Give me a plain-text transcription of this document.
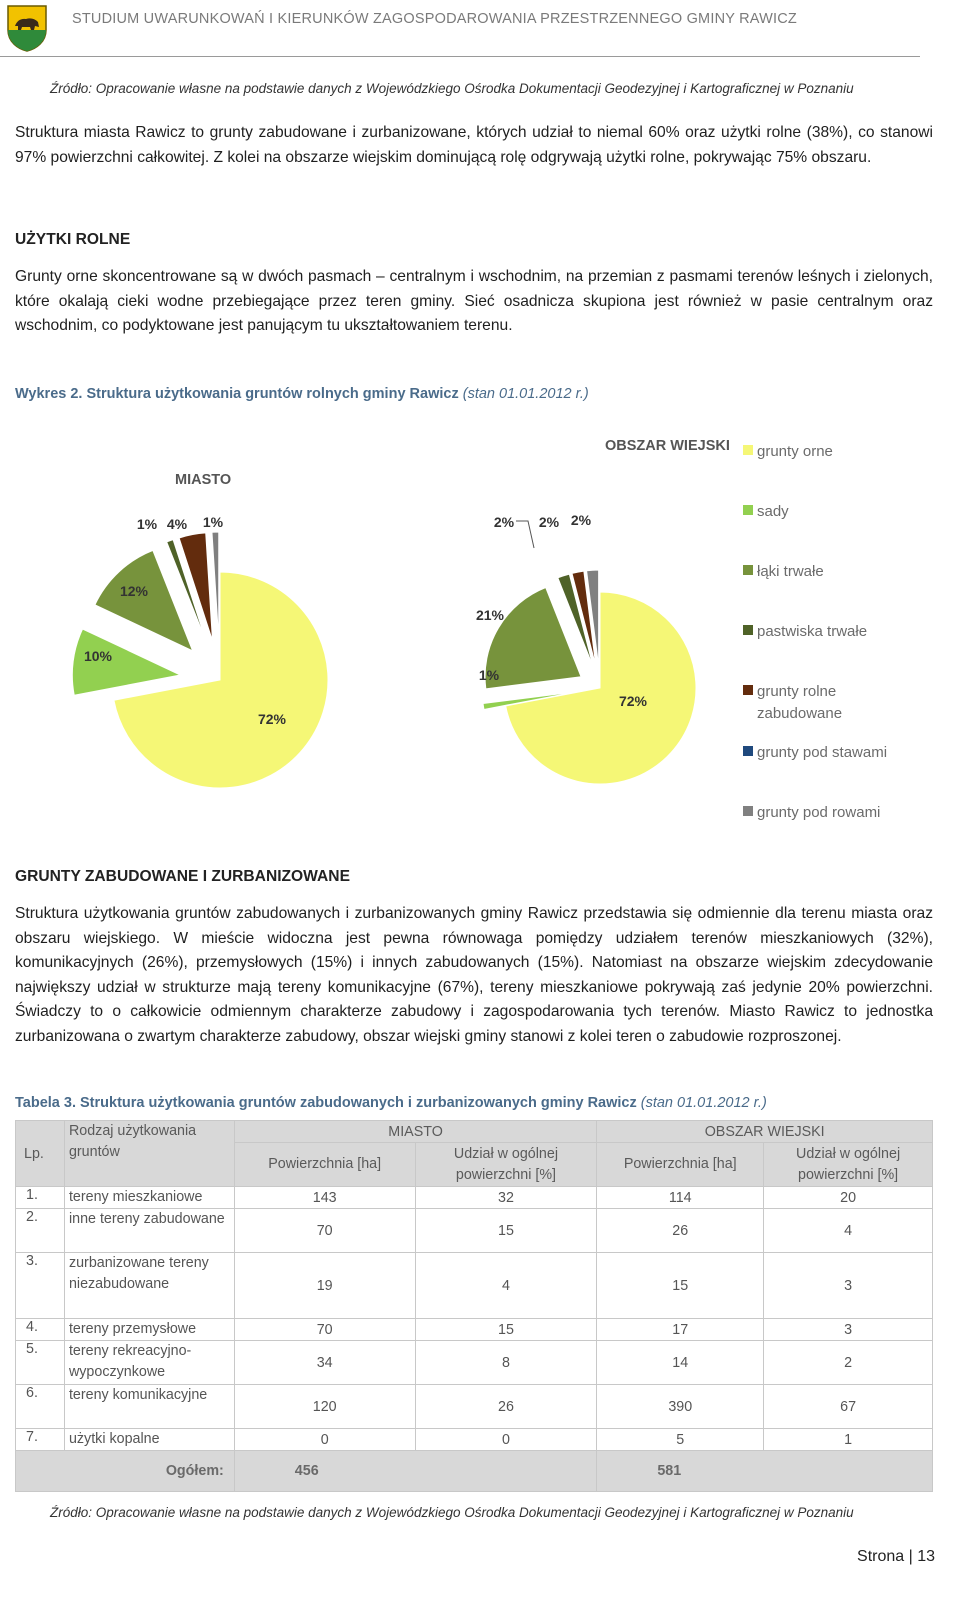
STUDIUM UWARUNKOWAŃ I KIERUNKÓW ZAGOSPODAROWANIA PRZESTRZENNEGO GMINY RAWICZ
Źródło: Opracowanie własne na podstawie danych z Wojewódzkiego Ośrodka Dokumentacji Geodezyjnej i Kartograficznej w Poznaniu
Struktura miasta Rawicz to grunty zabudowane i zurbanizowane, których udział to niemal 60% oraz użytki rolne (38%), co stanowi 97% powierzchni całkowitej. Z kolei na obszarze wiejskim dominującą rolę odgrywają użytki rolne, pokrywając 75% obszaru.
UŻYTKI ROLNE
Grunty orne skoncentrowane są w dwóch pasmach – centralnym i wschodnim, na przemian z pasmami terenów leśnych i zielonych, które okalają cieki wodne przebiegające przez teren gminy. Sieć osadnicza skupiona jest również w pasie centralnym oraz wschodnim, co podyktowane jest panującym tu ukształtowaniem terenu.
Wykres 2. Struktura użytkowania gruntów rolnych gminy Rawicz (stan 01.01.2012 r.)
MIASTO
OBSZAR WIEJSKI
72%
10%
12%
1% 4% 1%
72%
1%
21%
2% 2% 2%
grunty orne
sady
łąki trwałe
pastwiska trwałe
grunty rolne zabudowane
grunty pod stawami
grunty pod rowami
GRUNTY ZABUDOWANE I ZURBANIZOWANE
Struktura użytkowania gruntów zabudowanych i zurbanizowanych gminy Rawicz przedstawia się odmiennie dla terenu miasta oraz obszaru wiejskiego. W mieście widoczna jest pewna równowaga pomiędzy udziałem terenów mieszkaniowych (32%), komunikacyjnych (26%), przemysłowych (15%) i innych zabudowanych (15%). Natomiast na obszarze wiejskim zdecydowanie największy udział w strukturze mają tereny komunikacyjne (67%), tereny mieszkaniowe pokrywają zaś jedynie 20% powierzchni. Świadczy to o całkowicie odmiennym charakterze zabudowy i zagospodarowania tych terenów. Miasto Rawicz to jednostka zurbanizowana o zwartym charakterze zabudowy, obszar wiejski gminy stanowi z kolei teren o zabudowie rozproszonej.
Tabela 3. Struktura użytkowania gruntów zabudowanych i zurbanizowanych gminy Rawicz (stan 01.01.2012 r.)
Lp.	Rodzaj użytkowania gruntów	MIASTO		OBSZAR WIEJSKI	
		Powierzchnia [ha]	Udział w ogólnej powierzchni [%]	Powierzchnia [ha]	Udział w ogólnej powierzchni [%]
1.	tereny mieszkaniowe	143	32	114	20
2.	inne tereny zabudowane	70	15	26	4
3.	zurbanizowane tereny niezabudowane	19	4	15	3
4.	tereny przemysłowe	70	15	17	3
5.	tereny rekreacyjno-wypoczynkowe	34	8	14	2
6.	tereny komunikacyjne	120	26	390	67
7.	użytki kopalne	0	0	5	1
Ogółem:		456		581	
Źródło: Opracowanie własne na podstawie danych z Wojewódzkiego Ośrodka Dokumentacji Geodezyjnej i Kartograficznej w Poznaniu
Strona | 13
